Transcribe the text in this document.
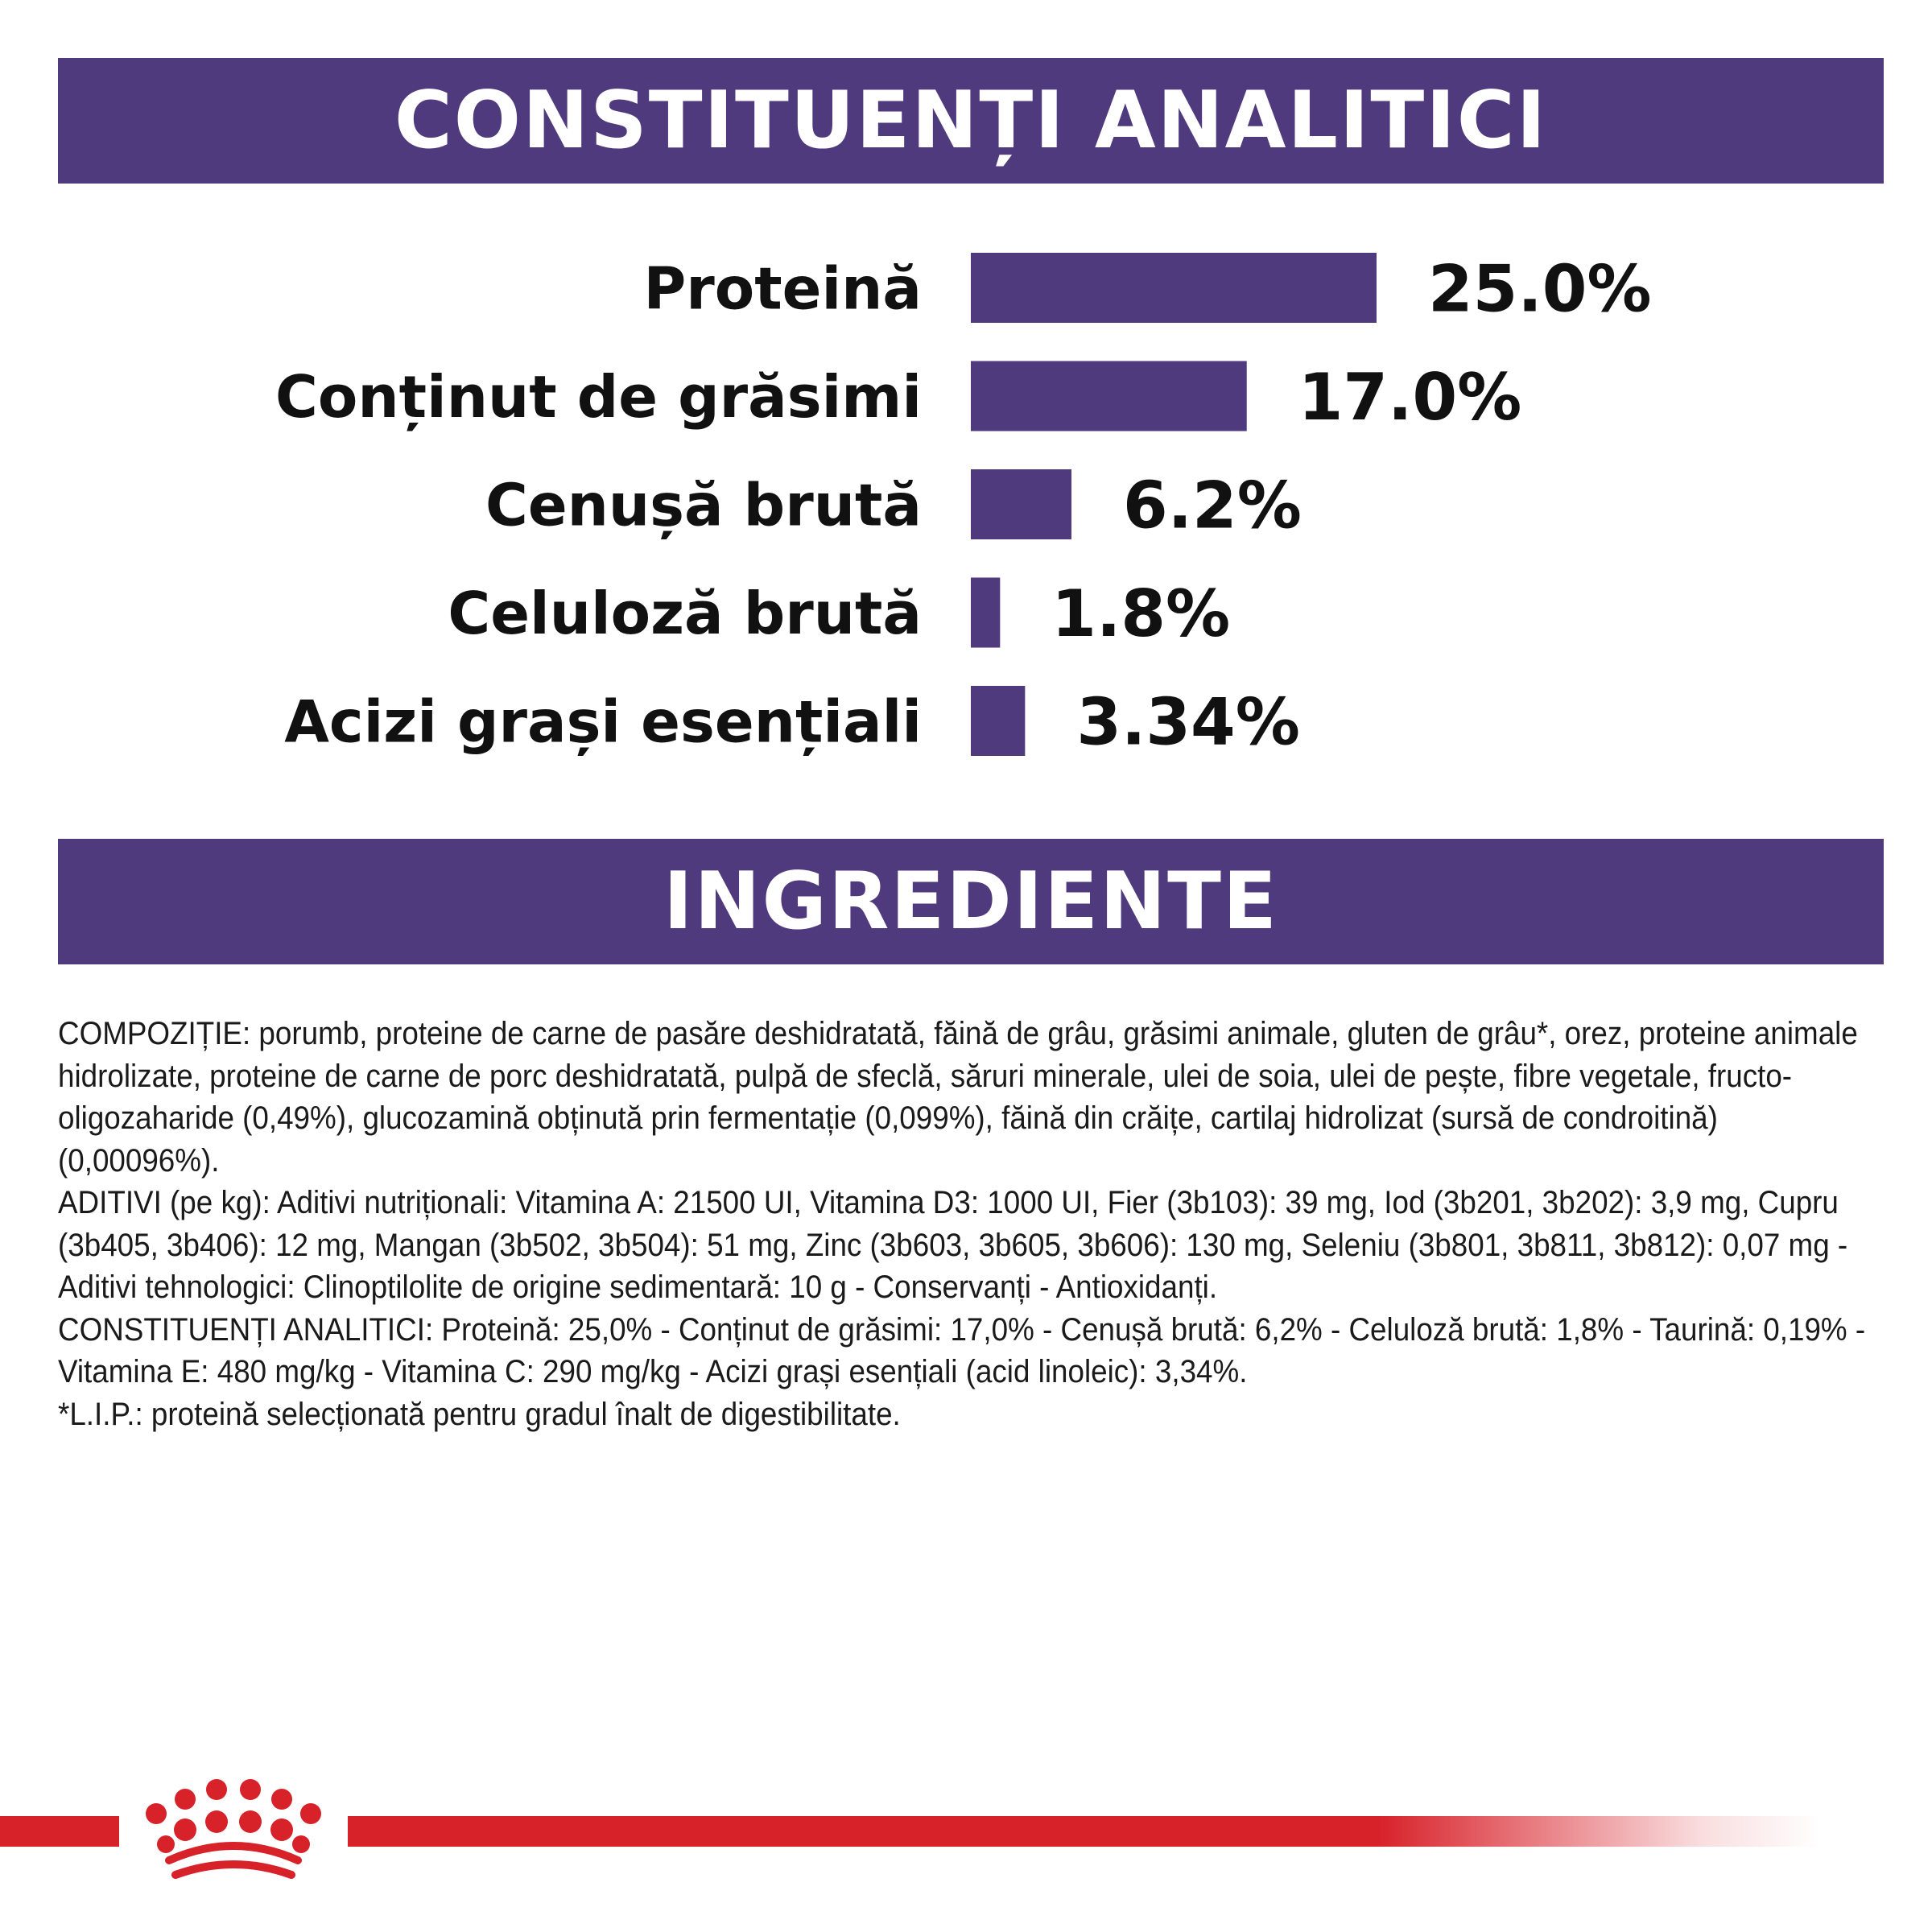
CONSTITUENȚI ANALITICI
Proteină	25.0%
Conținut de grăsimi	17.0%
Cenușă brută	6.2%
Celuloză brută 1.8%
Acizi grași esențiali 3.34%
INGREDIENTE

COMPOZIȚIE: porumb, proteine de carne de pasăre deshidratată, făină de grâu, grăsimi animale, gluten de grâu*, orez, proteine animale hidrolizate, proteine de carne de porc deshidratată, pulpă de sfeclă, săruri minerale, ulei de soia, ulei de pește, fibre vegetale, fructo-oligozaharide (0,49%), glucozamină obținută prin fermentație (0,099%), făină din crăițe, cartilaj hidrolizat (sursă de condroitină) (0,00096%).

ADITIVI (pe kg): Aditivi nutriționali: Vitamina A: 21500 UI, Vitamina D3: 1000 UI, Fier (3b103): 39 mg, Iod (3b201, 3b202): 3,9 mg, Cupru (3b405, 3b406): 12 mg, Mangan (3b502, 3b504): 51 mg, Zinc (3b603, 3b605, 3b606): 130 mg, Seleniu (3b801, 3b811, 3b812): 0,07 mg - Aditivi tehnologici: Clinoptilolite de origine sedimentară: 10 g - Conservanți - Antioxidanți.

CONSTITUENȚI ANALITICI: Proteină: 25,0% - Conținut de grăsimi: 17,0% - Cenușă brută: 6,2% - Celuloză brută: 1,8% - Taurină: 0,19% - Vitamina E: 480 mg/kg - Vitamina C: 290 mg/kg - Acizi grași esențiali (acid linoleic): 3,34%.

*L.I.P.: proteină selecționată pentru gradul înalt de digestibilitate.
